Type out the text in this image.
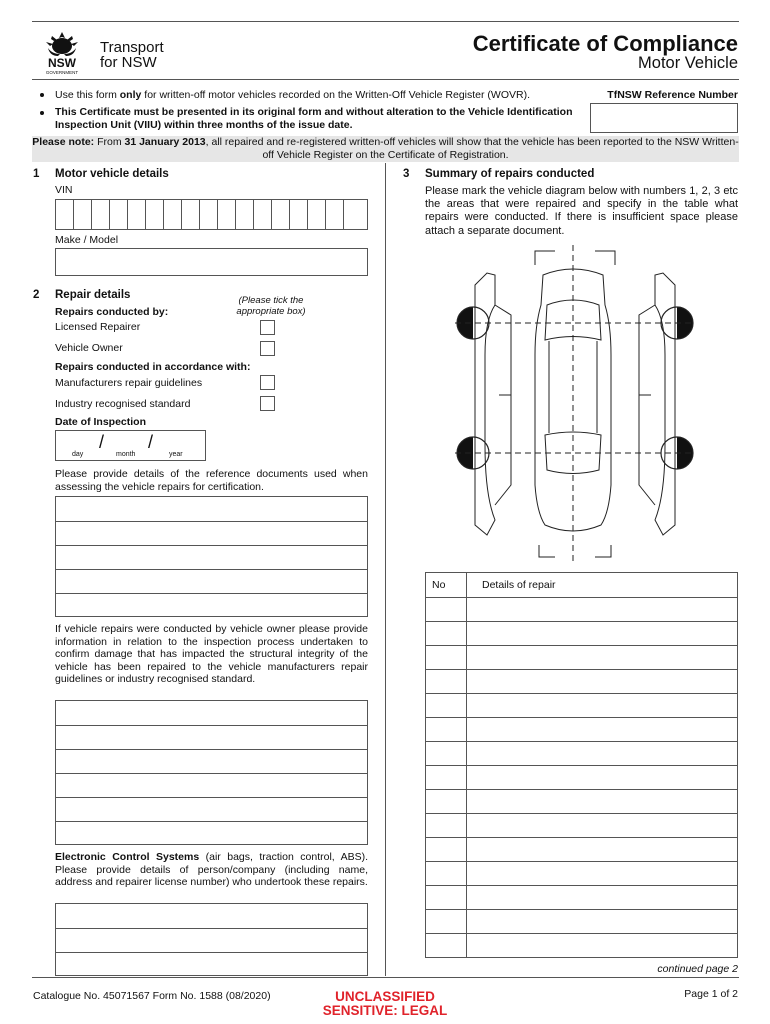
NSW
GOVERNMENT
Transport
for NSW
Certificate of Compliance
Motor Vehicle
Use this form only for written-off motor vehicles recorded on the Written-Off Vehicle Register (WOVR).
This Certificate must be presented in its original form and without alteration to the Vehicle Identification Inspection Unit (VIIU) within three months of the issue date.
TfNSW Reference Number
Please note: From 31 January 2013, all repaired and re-registered written-off vehicles will show that the vehicle has been reported to the NSW Written-off Vehicle Register on the Certificate of Registration.
1 Motor vehicle details
VIN
Make / Model
2 Repair details	(Please tick the appropriate box)
Repairs conducted by:
Licensed Repairer
Vehicle Owner
Repairs conducted in accordance with:
Manufacturers repair guidelines
Industry recognised standard
Date of Inspection
/ /
day	month	year
Please provide details of the reference documents used when assessing the vehicle repairs for certification.
If vehicle repairs were conducted by vehicle owner please provide information in relation to the inspection process undertaken to confirm damage that has impacted the structural integrity of the vehicle has been repaired to the vehicle manufacturers repair guidelines or industry recognised standard.
Electronic Control Systems (air bags, traction control, ABS). Please provide details of person/company (including name, address and repairer license number) who undertook these repairs.
3 Summary of repairs conducted
Please mark the vehicle diagram below with numbers 1, 2, 3 etc the areas that were repaired and specify in the table what repairs were conducted. If there is insufficient space please attach a separate document.
No	Details of repair
continued page 2
Catalogue No. 45071567 Form No. 1588 (08/2020)	UNCLASSIFIED
SENSITIVE: LEGAL
Page 1 of 2
